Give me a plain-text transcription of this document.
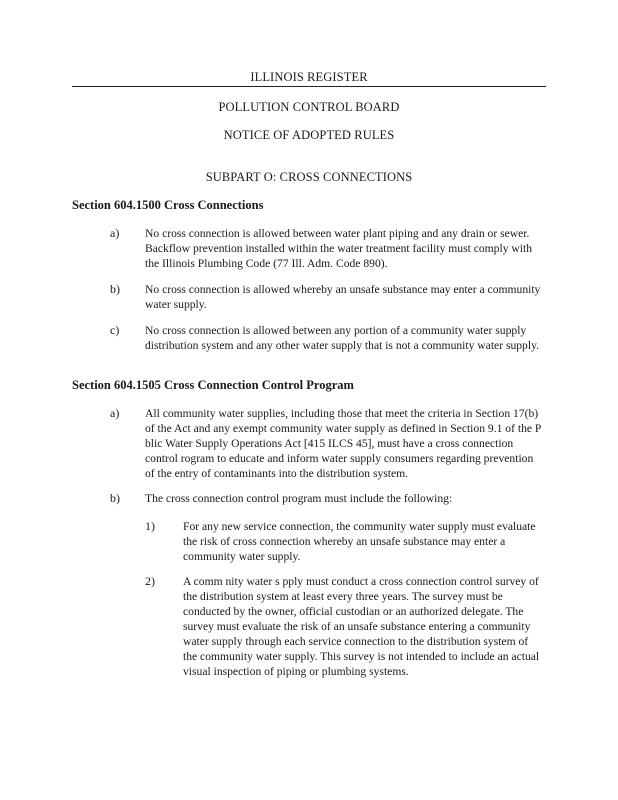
ILLINOIS REGISTER

POLLUTION CONTROL BOARD

NOTICE OF ADOPTED RULES

SUBPART O: CROSS CONNECTIONS

Section 604.1500 Cross Connections

a) No cross connection is allowed between water plant piping and any drain or sewer. Backflow prevention installed within the water treatment facility must comply with the Illinois Plumbing Code (77 Ill. Adm. Code 890).

b) No cross connection is allowed whereby an unsafe substance may enter a community water supply.

c) No cross connection is allowed between any portion of a community water supply distribution system and any other water supply that is not a community water supply.

Section 604.1505 Cross Connection Control Program

a) All community water supplies, including those that meet the criteria in Section 17(b) of the Act and any exempt community water supply as defined in Section 9.1 of the P blic Water Supply Operations Act [415 ILCS 45], must have a cross connection control rogram to educate and inform water supply consumers regarding prevention of the entry of contaminants into the distribution system.

b) The cross connection control program must include the following:

1) For any new service connection, the community water supply must evaluate the risk of cross connection whereby an unsafe substance may enter a community water supply.

2) A comm nity water s pply must conduct a cross connection control survey of the distribution system at least every three years. The survey must be conducted by the owner, official custodian or an authorized delegate. The survey must evaluate the risk of an unsafe substance entering a community water supply through each service connection to the distribution system of the community water supply. This survey is not intended to include an actual visual inspection of piping or plumbing systems.
